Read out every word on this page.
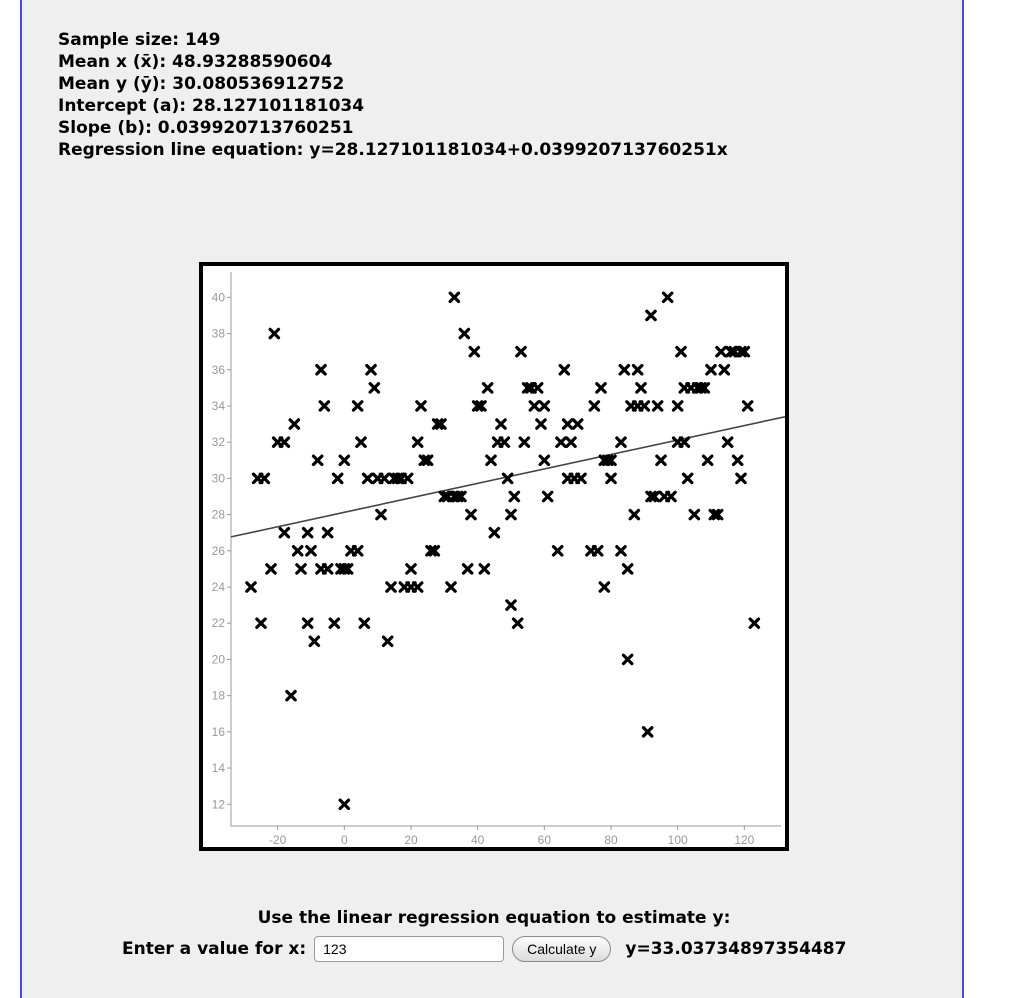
Sample size: 149
Mean x (x̄): 48.93288590604
Mean y (ȳ): 30.080536912752
Intercept (a): 28.127101181034
Slope (b): 0.039920713760251
Regression line equation: y=28.127101181034+0.039920713760251x
12
14
16
18
20
22
24
26
28
30
32
34
36
38
40
-20	0	20	40	60	80	100	120
Use the linear regression equation to estimate y:
Enter a value for x:
123	Calculate y	y=33.03734897354487
